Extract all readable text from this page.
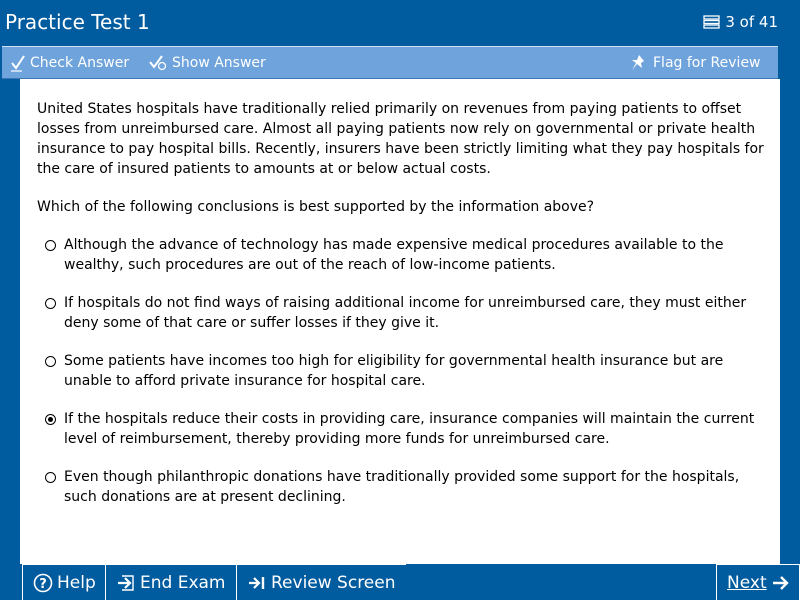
Practice Test 1	3 of 41
Check Answer	Show Answer	Flag for Review
United States hospitals have traditionally relied primarily on revenues from paying patients to offset losses from unreimbursed care. Almost all paying patients now rely on governmental or private health insurance to pay hospital bills. Recently, insurers have been strictly limiting what they pay hospitals for the care of insured patients to amounts at or below actual costs.
Which of the following conclusions is best supported by the information above?
Although the advance of technology has made expensive medical procedures available to the wealthy, such procedures are out of the reach of low-income patients.
If hospitals do not find ways of raising additional income for unreimbursed care, they must either deny some of that care or suffer losses if they give it.
Some patients have incomes too high for eligibility for governmental health insurance but are unable to afford private insurance for hospital care.
If the hospitals reduce their costs in providing care, insurance companies will maintain the current level of reimbursement, thereby providing more funds for unreimbursed care.
Even though philanthropic donations have traditionally provided some support for the hospitals, such donations are at present declining.
? Help	End Exam	Review Screen	Next
